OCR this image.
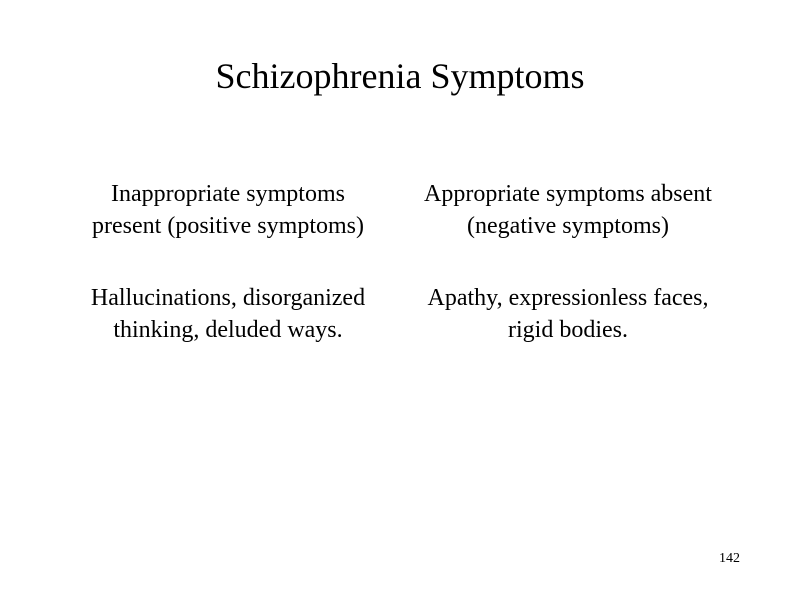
Schizophrenia Symptoms
Inappropriate symptoms
present (positive symptoms)
Appropriate symptoms absent
(negative symptoms)
Hallucinations, disorganized
thinking, deluded ways.
Apathy, expressionless faces,
rigid bodies.
142
